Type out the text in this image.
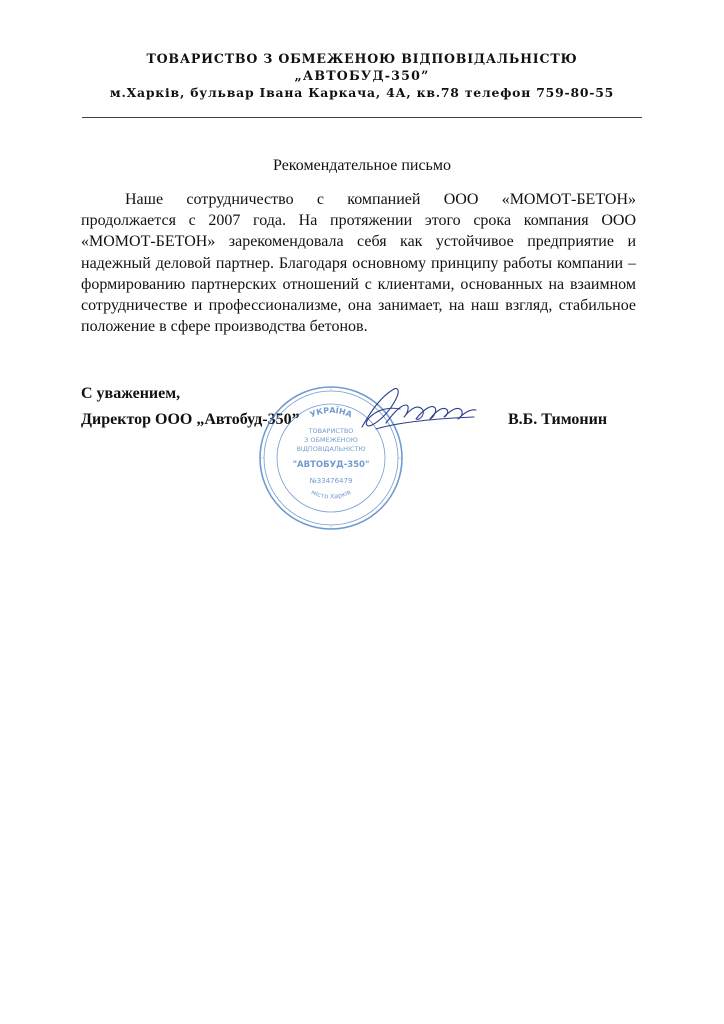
ТОВАРИСТВО З ОБМЕЖЕНОЮ ВІДПОВІДАЛЬНІСТЮ
„АВТОБУД-350”
м.Харків, бульвар Івана Каркача, 4А, кв.78 телефон 759-80-55
Рекомендательное письмо

Наше сотрудничество с компанией ООО «МОМОТ-БЕТОН» продолжается с 2007 года. На протяжении этого срока компания ООО «МОМОТ-БЕТОН» зарекомендовала себя как устойчивое предприятие и надежный деловой партнер. Благодаря основному принципу работы компании – формированию партнерских отношений с клиентами, основанных на взаимном сотрудничестве и профессионализме, она занимает, на наш взгляд, стабильное положение в сфере производства бетонов.

С уважением,
Директор ООО „Автобуд-350”	В.Б. Тимонин
УКРАЇНА
ТОВАРИСТВО
З ОБМЕЖЕНОЮ
ВІДПОВІДАЛЬНІСТЮ
"АВТОБУД-350"
№33476479
місто Харків
